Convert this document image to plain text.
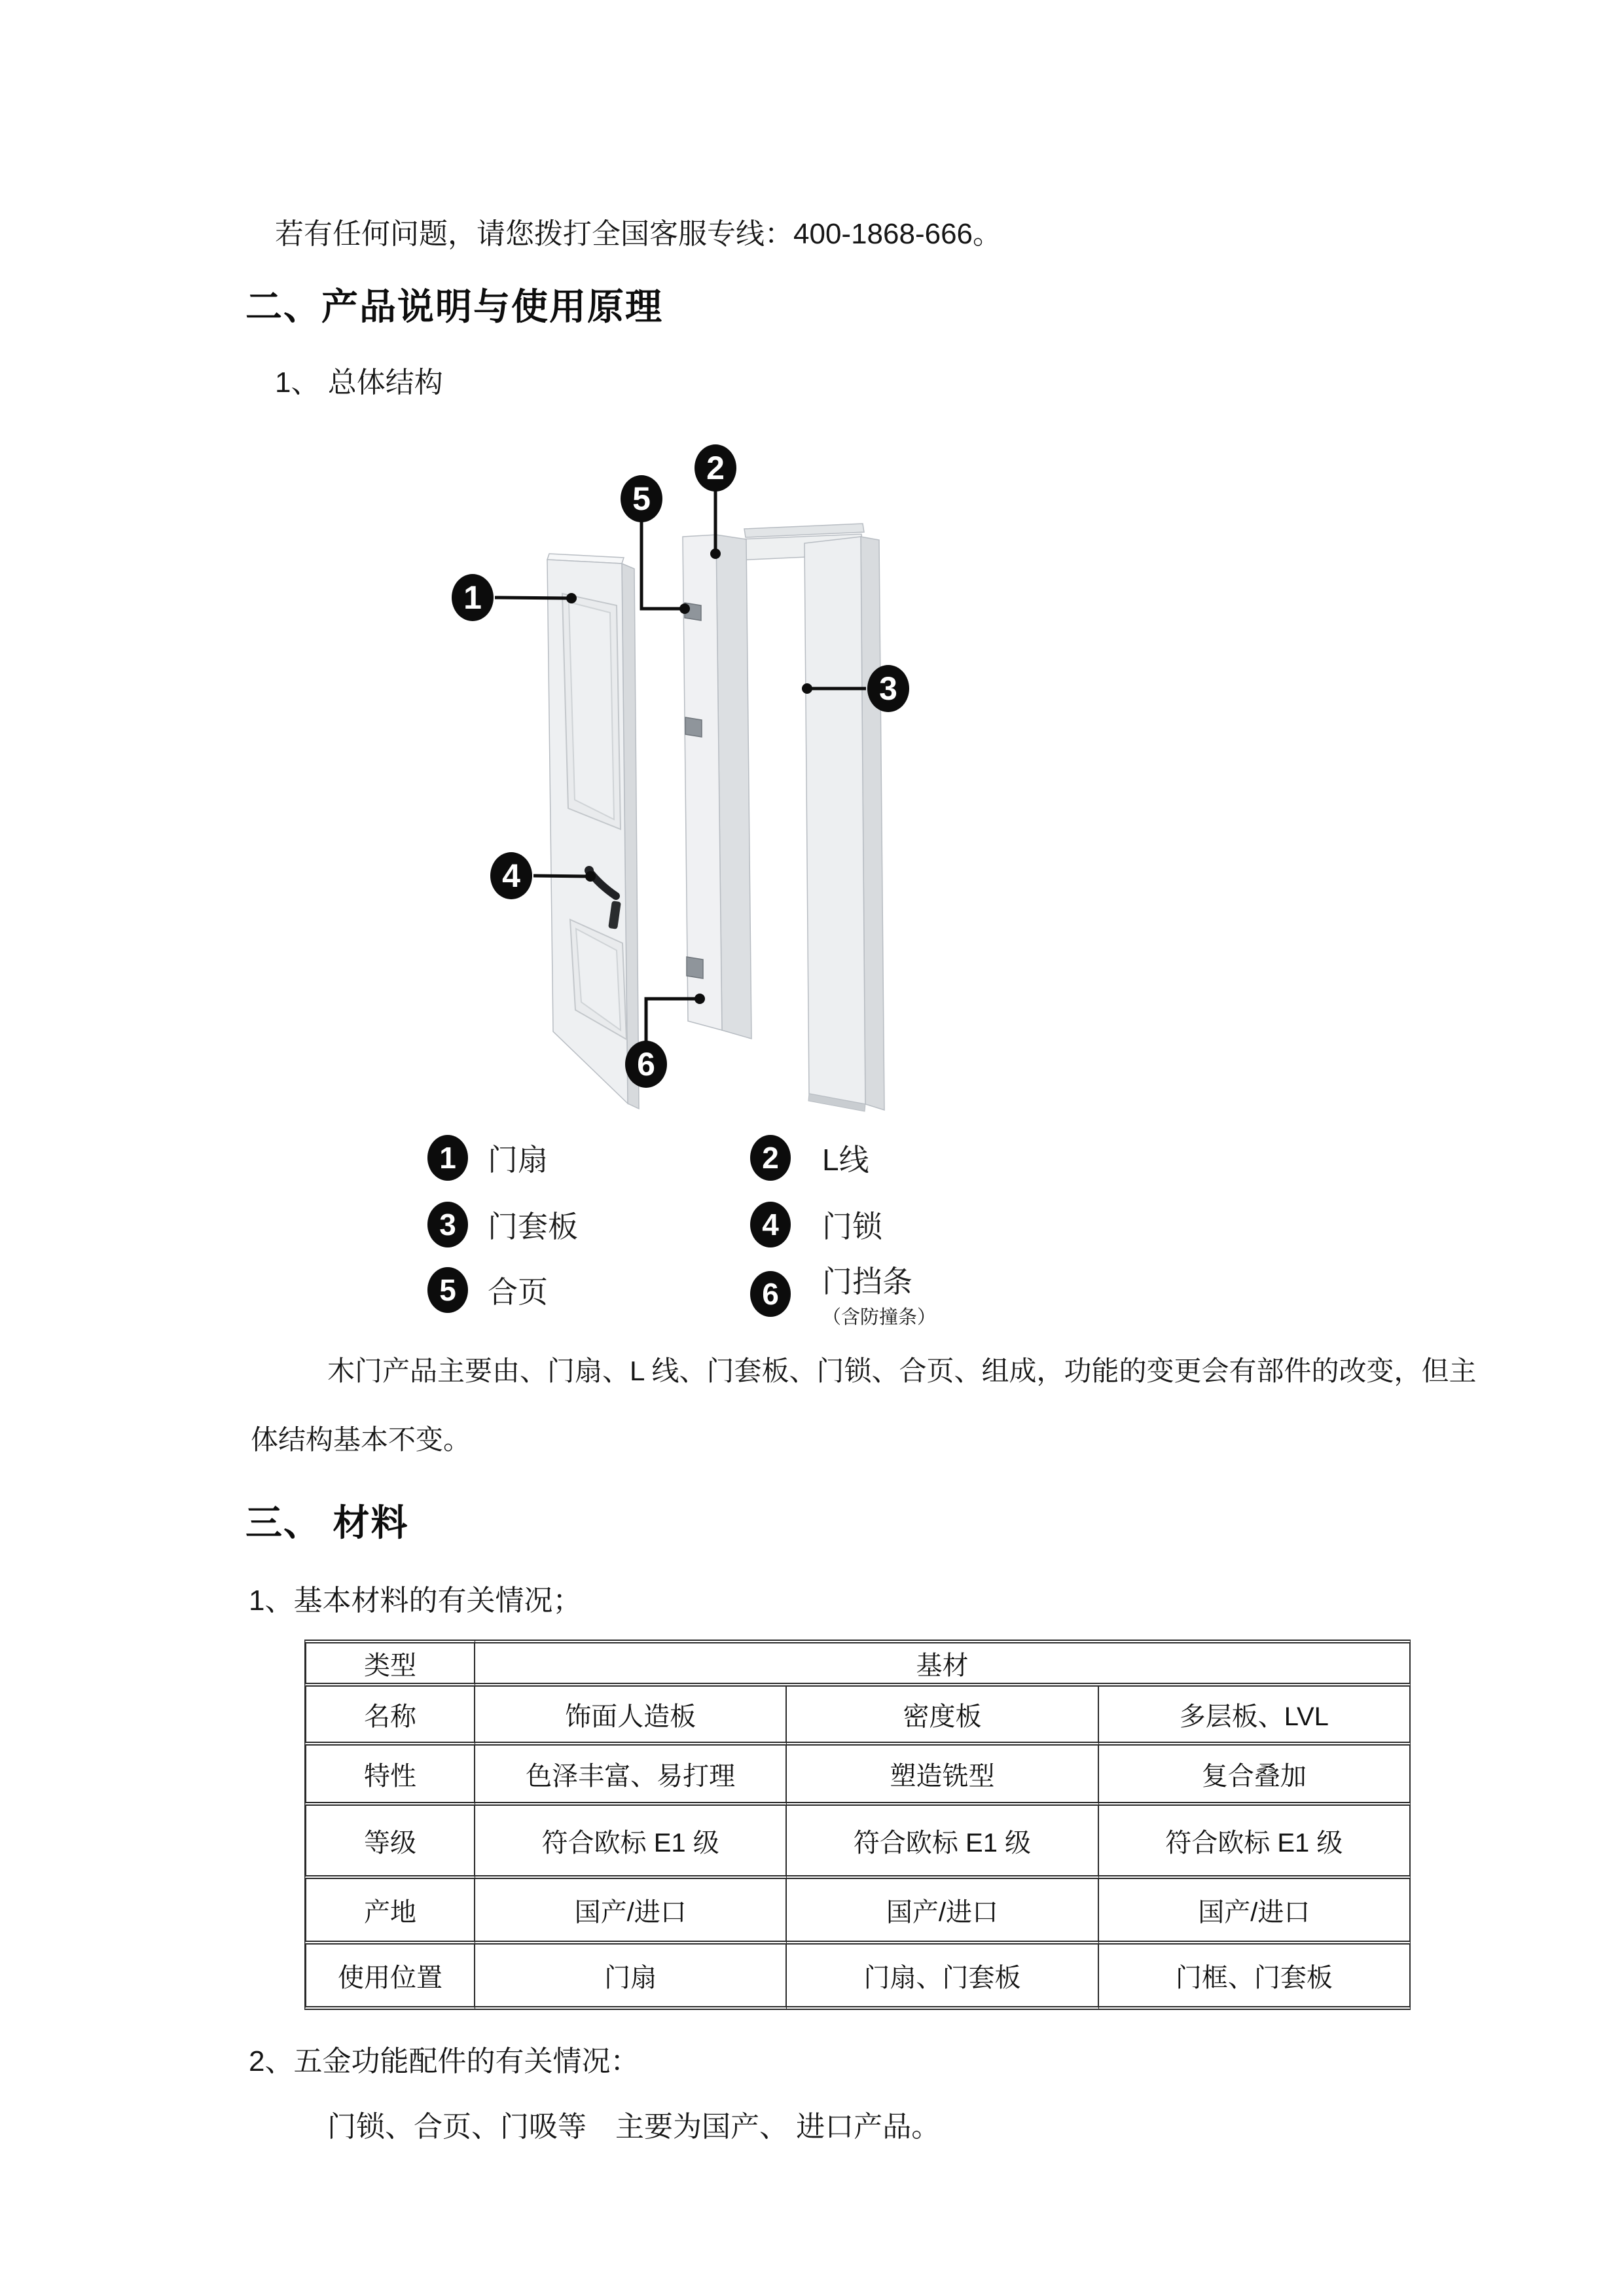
若有任何问题，请您拨打全国客服专线：400-1868-666。
二、产品说明与使用原理
1、 总体结构
1
2
5
3
4
6
1	门扇	2	L线
3	门套板	4	门锁
5	合页	6	门挡条
（含防撞条）
木门产品主要由、门扇、L 线、门套板、门锁、合页、组成，功能的变更会有部件的改变，但主
体结构基本不变。
三、 材料
1、基本材料的有关情况；
类型	基材		
名称	饰面人造板	密度板	多层板、LVL
特性	色泽丰富、易打理	塑造铣型	复合叠加
等级	符合欧标 E1 级	符合欧标 E1 级	符合欧标 E1 级
产地	国产/进口	国产/进口	国产/进口
使用位置	门扇	门扇、门套板	门框、门套板
2、五金功能配件的有关情况：
门锁、合页、门吸等　主要为国产、 进口产品。
